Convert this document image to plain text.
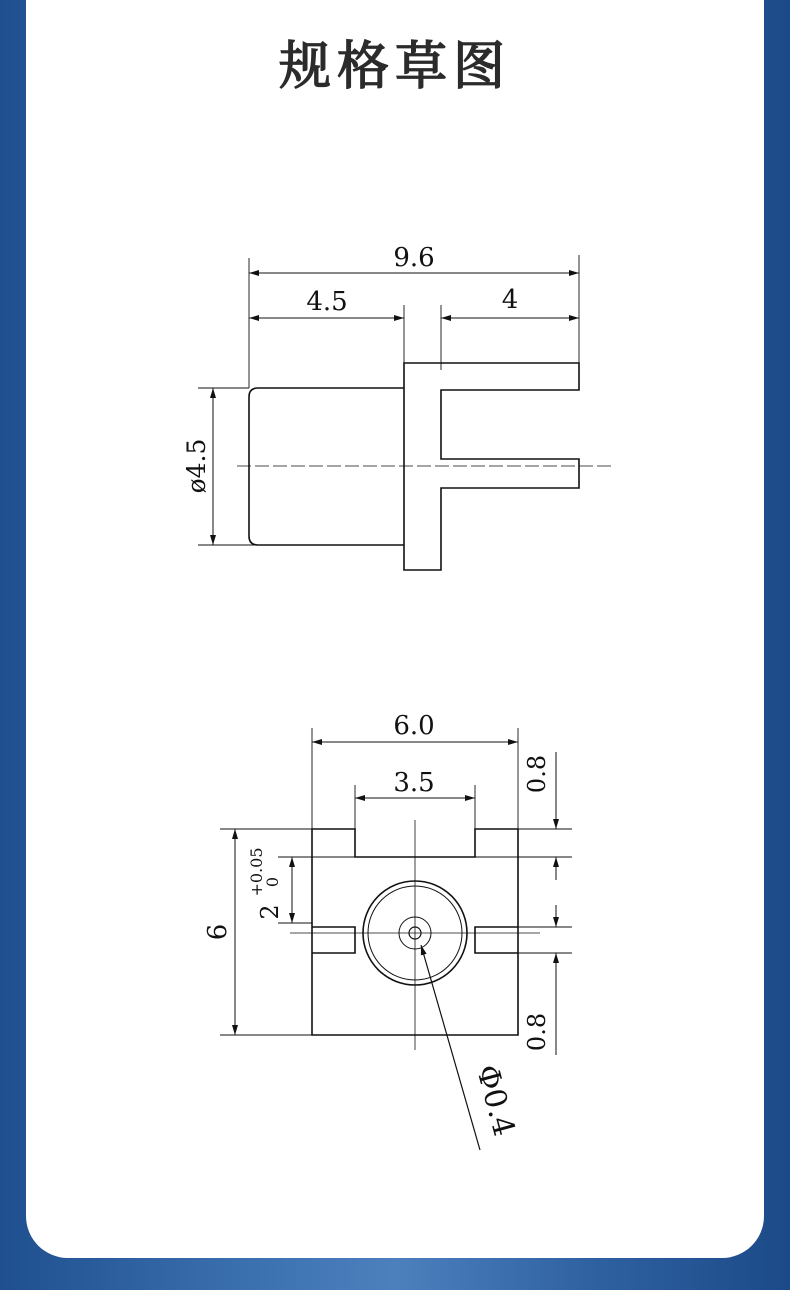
规格草图
9.6
4.5	4
ø4.5
6.0
3.5
6
2
+0.05
0
0.8
0.8
Φ0.4
